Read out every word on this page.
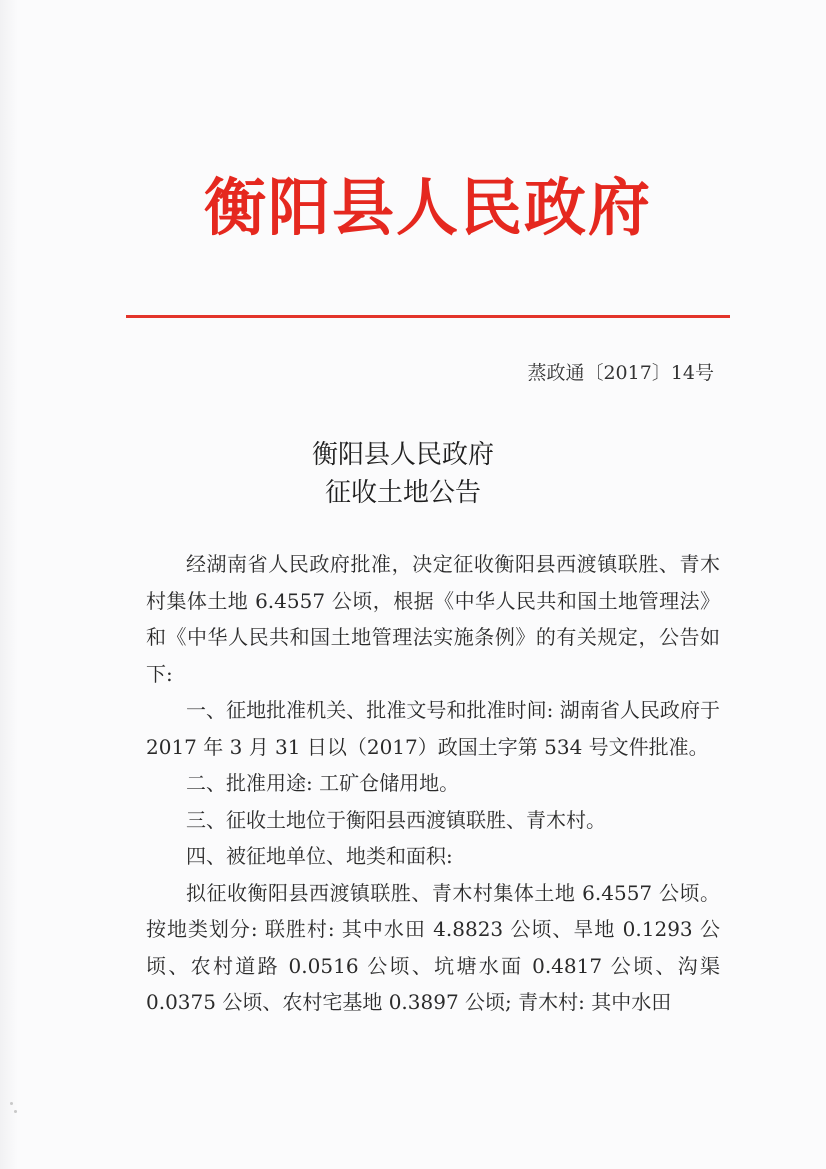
衡阳县人民政府
蒸政通〔2017〕14号
衡阳县人民政府
征收土地公告

经湖南省人民政府批准，决定征收衡阳县西渡镇联胜、青木村集体土地 6.4557 公顷，根据《中华人民共和国土地管理法》和《中华人民共和国土地管理法实施条例》的有关规定，公告如下:

一、征地批准机关、批准文号和批准时间: 湖南省人民政府于 2017 年 3 月 31 日以（2017）政国土字第 534 号文件批准。

二、批准用途: 工矿仓储用地。

三、征收土地位于衡阳县西渡镇联胜、青木村。

四、被征地单位、地类和面积:

拟征收衡阳县西渡镇联胜、青木村集体土地 6.4557 公顷。按地类划分: 联胜村: 其中水田 4.8823 公顷、旱地 0.1293 公顷、农村道路 0.0516 公顷、坑塘水面 0.4817 公顷、沟渠 0.0375 公顷、农村宅基地 0.3897 公顷; 青木村: 其中水田
